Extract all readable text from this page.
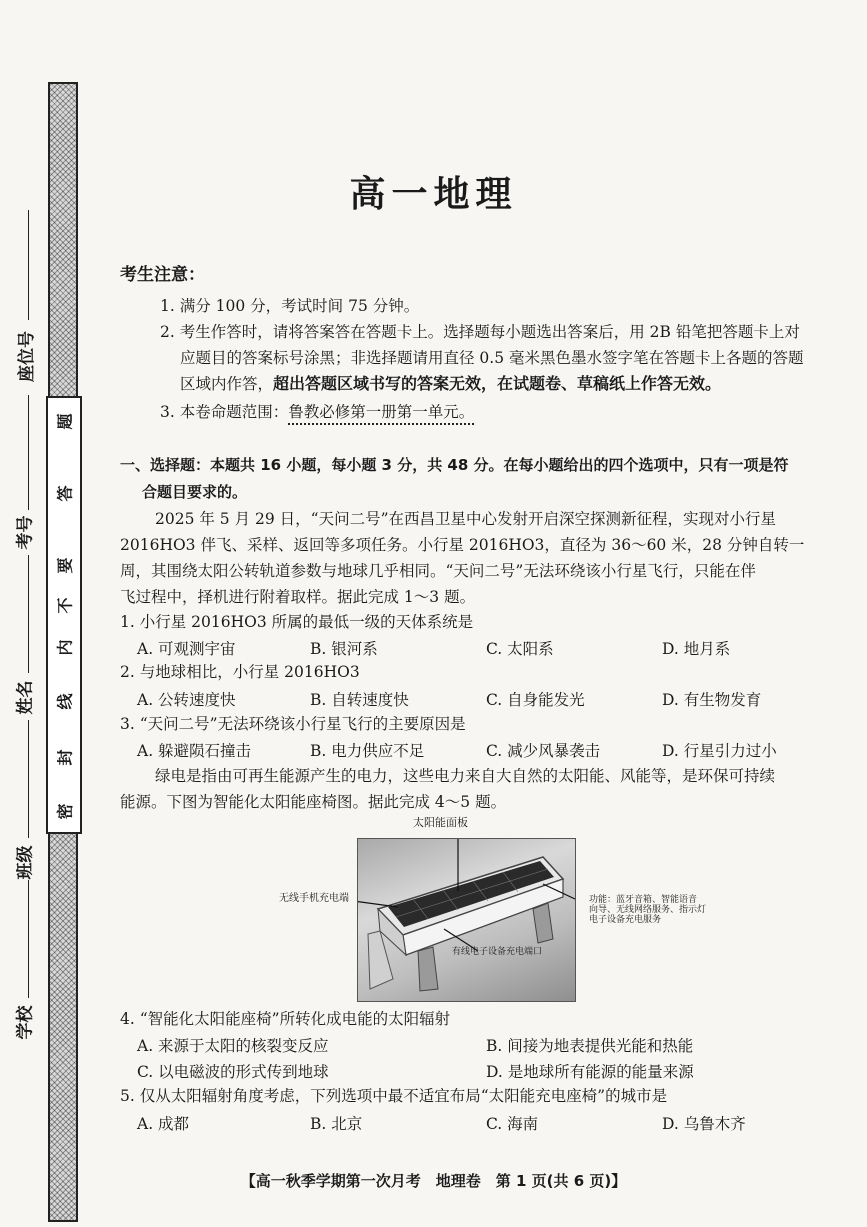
题
答
要
不
内
线
封
密
学校
班级
姓名
考号
座位号
高一地理
考生注意：
1. 满分 100 分，考试时间 75 分钟。
2. 考生作答时，请将答案答在答题卡上。选择题每小题选出答案后，用 2B 铅笔把答题卡上对
应题目的答案标号涂黑；非选择题请用直径 0.5 毫米黑色墨水签字笔在答题卡上各题的答题
区域内作答，超出答题区域书写的答案无效，在试题卷、草稿纸上作答无效。
3. 本卷命题范围：鲁教必修第一册第一单元。
一、选择题：本题共 16 小题，每小题 3 分，共 48 分。在每小题给出的四个选项中，只有一项是符
合题目要求的。
2025 年 5 月 29 日，“天问二号”在西昌卫星中心发射开启深空探测新征程，实现对小行星
2016HO3 伴飞、采样、返回等多项任务。小行星 2016HO3，直径为 36～60 米，28 分钟自转一
周，其围绕太阳公转轨道参数与地球几乎相同。“天问二号”无法环绕该小行星飞行，只能在伴
飞过程中，择机进行附着取样。据此完成 1～3 题。
1. 小行星 2016HO3 所属的最低一级的天体系统是
A. 可观测宇宙	B. 银河系	C. 太阳系	D. 地月系
2. 与地球相比，小行星 2016HO3
A. 公转速度快	B. 自转速度快	C. 自身能发光	D. 有生物发育
3. “天问二号”无法环绕该小行星飞行的主要原因是
A. 躲避陨石撞击	B. 电力供应不足	C. 减少风暴袭击	D. 行星引力过小
绿电是指由可再生能源产生的电力，这些电力来自大自然的太阳能、风能等，是环保可持续
能源。下图为智能化太阳能座椅图。据此完成 4～5 题。
太阳能面板
无线手机充电端	功能：蓝牙音箱、智能语音
向导、无线网络服务、指示灯
电子设备充电服务
有线电子设备充电端口
4. “智能化太阳能座椅”所转化成电能的太阳辐射
A. 来源于太阳的核裂变反应	B. 间接为地表提供光能和热能
C. 以电磁波的形式传到地球	D. 是地球所有能源的能量来源
5. 仅从太阳辐射角度考虑，下列选项中最不适宜布局“太阳能充电座椅”的城市是
A. 成都	B. 北京	C. 海南	D. 乌鲁木齐
【高一秋季学期第一次月考　地理卷　第 1 页(共 6 页)】
